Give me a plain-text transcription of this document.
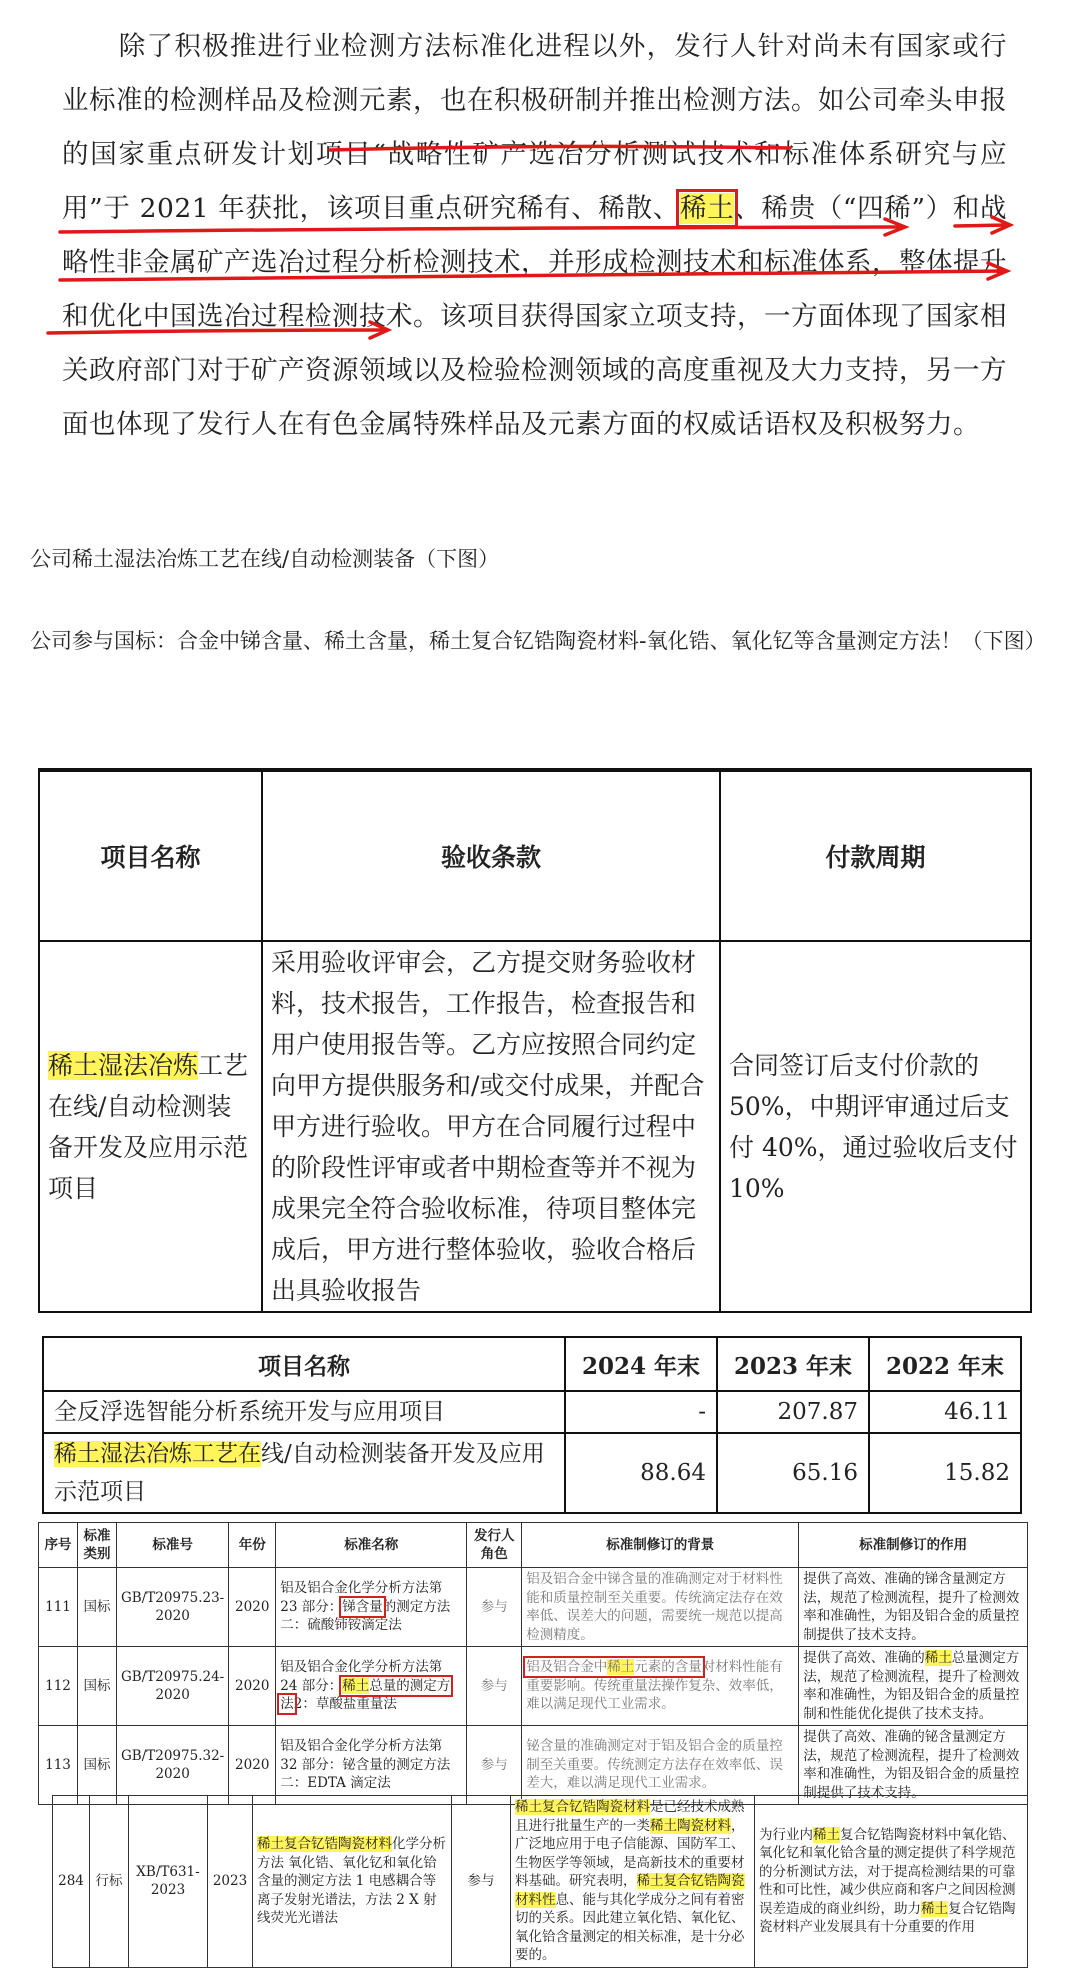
除了积极推进行业检测方法标准化进程以外，发行人针对尚未有国家或行业标准的检测样品及检测元素，也在积极研制并推出检测方法。如公司牵头申报的国家重点研发计划项目“战略性矿产选冶分析测试技术和标准体系研究与应用”于 2021 年获批，该项目重点研究稀有、稀散、稀土、稀贵（“四稀”）和战略性非金属矿产选冶过程分析检测技术，并形成检测技术和标准体系，整体提升和优化中国选冶过程检测技术。该项目获得国家立项支持，一方面体现了国家相关政府部门对于矿产资源领域以及检验检测领域的高度重视及大力支持，另一方面也体现了发行人在有色金属特殊样品及元素方面的权威话语权及积极努力。
公司稀土湿法冶炼工艺在线/自动检测装备（下图）
公司参与国标：合金中锑含量、稀土含量，稀土复合钇锆陶瓷材料-氧化锆、氧化钇等含量测定方法！（下图）
项目名称	验收条款	付款周期
稀土湿法冶炼工艺在线/自动检测装备开发及应用示范项目	采用验收评审会，乙方提交财务验收材料，技术报告，工作报告，检查报告和用户使用报告等。乙方应按照合同约定向甲方提供服务和/或交付成果，并配合甲方进行验收。甲方在合同履行过程中的阶段性评审或者中期检查等并不视为成果完全符合验收标准，待项目整体完成后，甲方进行整体验收，验收合格后出具验收报告	合同签订后支付价款的 50%，中期评审通过后支付 40%，通过验收后支付 10%
项目名称	2024 年末	2023 年末	2022 年末
全反浮选智能分析系统开发与应用项目	-	207.87	46.11
稀土湿法冶炼工艺在线/自动检测装备开发及应用示范项目	88.64	65.16	15.82
序号	标准类别	标准号	年份	标准名称	发行人角色	标准制修订的背景	标准制修订的作用
111	国标	GB/T20975.23-2020	2020	铝及铝合金化学分析方法第 23 部分：锑含量的测定方法二：硫酸铈铵滴定法	参与	铝及铝合金中锑含量的准确测定对于材料性能和质量控制至关重要。传统滴定法存在效率低、误差大的问题，需要统一规范以提高检测精度。	提供了高效、准确的锑含量测定方法，规范了检测流程，提升了检测效率和准确性，为铝及铝合金的质量控制提供了技术支持。
112	国标	GB/T20975.24-2020	2020	铝及铝合金化学分析方法第 24 部分：稀土总量的测定方法2：草酸盐重量法	参与	铝及铝合金中稀土元素的含量对材料性能有重要影响。传统重量法操作复杂、效率低，难以满足现代工业需求。	提供了高效、准确的稀土总量测定方法，规范了检测流程，提升了检测效率和准确性，为铝及铝合金的质量控制和性能优化提供了技术支持。
113	国标	GB/T20975.32-2020	2020	铝及铝合金化学分析方法第 32 部分：铋含量的测定方法二：EDTA 滴定法	参与	铋含量的准确测定对于铝及铝合金的质量控制至关重要。传统测定方法存在效率低、误差大，难以满足现代工业需求。	提供了高效、准确的铋含量测定方法，规范了检测流程，提升了检测效率和准确性，为铝及铝合金的质量控制提供了技术支持。
284	行标	XB/T631-2023	2023	稀土复合钇锆陶瓷材料化学分析方法 氧化锆、氧化钇和氧化铪含量的测定方法 1 电感耦合等离子发射光谱法，方法 2 X 射线荧光光谱法	参与	稀土复合钇锆陶瓷材料是已经技术成熟且进行批量生产的一类稀土陶瓷材料，广泛地应用于电子信能源、国防军工、生物医学等领域，是高新技术的重要材料基础。研究表明，稀土复合钇锆陶瓷材料性息、能与其化学成分之间有着密切的关系。因此建立氧化锆、氧化钇、氧化铪含量测定的相关标准，是十分必要的。	为行业内稀土复合钇锆陶瓷材料中氧化锆、氧化钇和氧化铪含量的测定提供了科学规范的分析测试方法，对于提高检测结果的可靠性和可比性，减少供应商和客户之间因检测误差造成的商业纠纷，助力稀土复合钇锆陶瓷材料产业发展具有十分重要的作用
